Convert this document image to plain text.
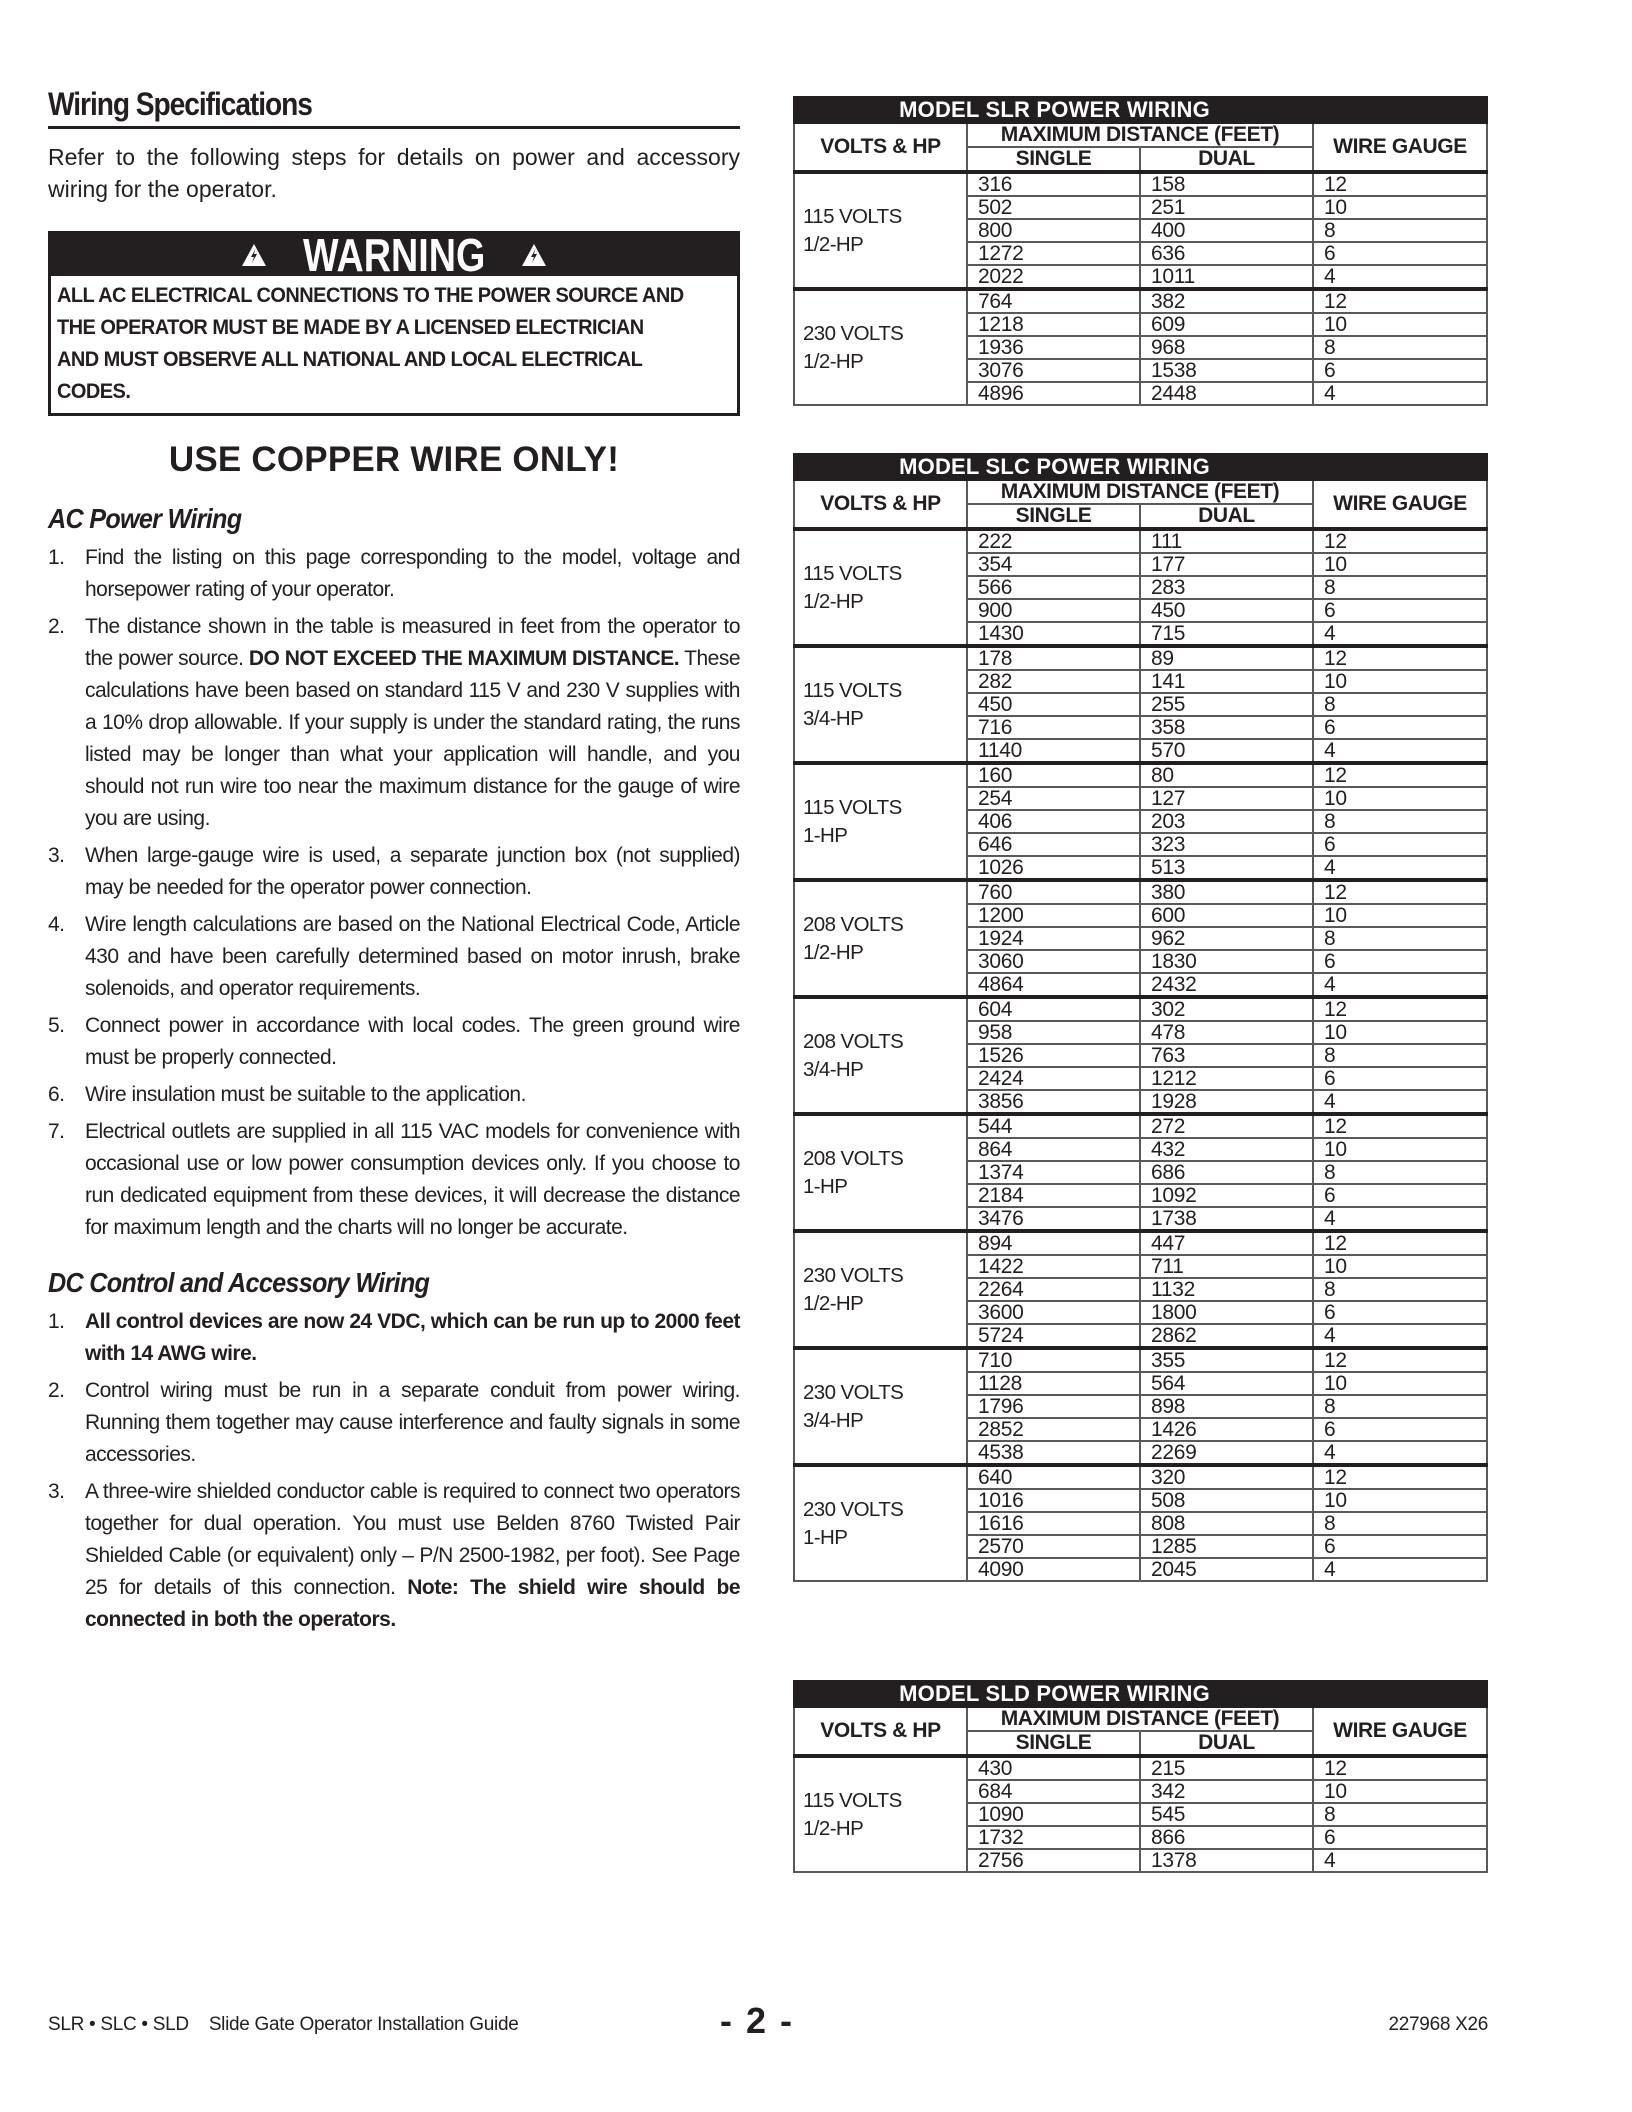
Wiring Specifications

Refer to the following steps for details on power and accessory wiring for the operator.

WARNING
ALL AC ELECTRICAL CONNECTIONS TO THE POWER SOURCE AND
THE OPERATOR MUST BE MADE BY A LICENSED ELECTRICIAN
AND MUST OBSERVE ALL NATIONAL AND LOCAL ELECTRICAL
CODES.
USE COPPER WIRE ONLY!
AC Power Wiring
1. Find the listing on this page corresponding to the model, voltage and horsepower rating of your operator.
2. The distance shown in the table is measured in feet from the operator to the power source. DO NOT EXCEED THE MAXIMUM DISTANCE. These calculations have been based on standard 115 V and 230 V supplies with a 10% drop allowable. If your supply is under the standard rating, the runs listed may be longer than what your application will handle, and you should not run wire too near the maximum distance for the gauge of wire you are using.
3. When large-gauge wire is used, a separate junction box (not supplied) may be needed for the operator power connection.
4. Wire length calculations are based on the National Electrical Code, Article 430 and have been carefully determined based on motor inrush, brake solenoids, and operator requirements.
5. Connect power in accordance with local codes. The green ground wire must be properly connected.
6. Wire insulation must be suitable to the application.
7. Electrical outlets are supplied in all 115 VAC models for convenience with occasional use or low power consumption devices only. If you choose to run dedicated equipment from these devices, it will decrease the distance for maximum length and the charts will no longer be accurate.
DC Control and Accessory Wiring
1. All control devices are now 24 VDC, which can be run up to 2000 feet with 14 AWG wire.
2. Control wiring must be run in a separate conduit from power wiring. Running them together may cause interference and faulty signals in some accessories.
3. A three-wire shielded conductor cable is required to connect two operators together for dual operation. You must use Belden 8760 Twisted Pair Shielded Cable (or equivalent) only – P/N 2500-1982, per foot). See Page 25 for details of this connection. Note: The shield wire should be connected in both the operators.
MODEL SLR POWER WIRING			
VOLTS & HP	MAXIMUM DISTANCE (FEET)		WIRE GAUGE
	SINGLE	DUAL	

115 VOLTS
1/2-HP	316	158	12
	502	251	10
	800	400	8
	1272	636	6
	2022	1011	4

230 VOLTS
1/2-HP	764	382	12
	1218	609	10
	1936	968	8
	3076	1538	6
	4896	2448	4
MODEL SLC POWER WIRING			
VOLTS & HP	MAXIMUM DISTANCE (FEET)		WIRE GAUGE
	SINGLE	DUAL	

115 VOLTS
1/2-HP	222	111	12
	354	177	10
	566	283	8
	900	450	6
	1430	715	4

115 VOLTS
3/4-HP	178	89	12
	282	141	10
	450	255	8
	716	358	6
	1140	570	4

115 VOLTS
1-HP	160	80	12
	254	127	10
	406	203	8
	646	323	6
	1026	513	4

208 VOLTS
1/2-HP	760	380	12
	1200	600	10
	1924	962	8
	3060	1830	6
	4864	2432	4

208 VOLTS
3/4-HP	604	302	12
	958	478	10
	1526	763	8
	2424	1212	6
	3856	1928	4

208 VOLTS
1-HP	544	272	12
	864	432	10
	1374	686	8
	2184	1092	6
	3476	1738	4

230 VOLTS
1/2-HP	894	447	12
	1422	711	10
	2264	1132	8
	3600	1800	6
	5724	2862	4

230 VOLTS
3/4-HP	710	355	12
	1128	564	10
	1796	898	8
	2852	1426	6
	4538	2269	4

230 VOLTS
1-HP	640	320	12
	1016	508	10
	1616	808	8
	2570	1285	6
	4090	2045	4
MODEL SLD POWER WIRING			
VOLTS & HP	MAXIMUM DISTANCE (FEET)		WIRE GAUGE
	SINGLE	DUAL	

115 VOLTS
1/2-HP	430	215	12
	684	342	10
	1090	545	8
	1732	866	6
	2756	1378	4
SLR • SLC • SLD Slide Gate Operator Installation Guide	- 2 -	227968 X26
